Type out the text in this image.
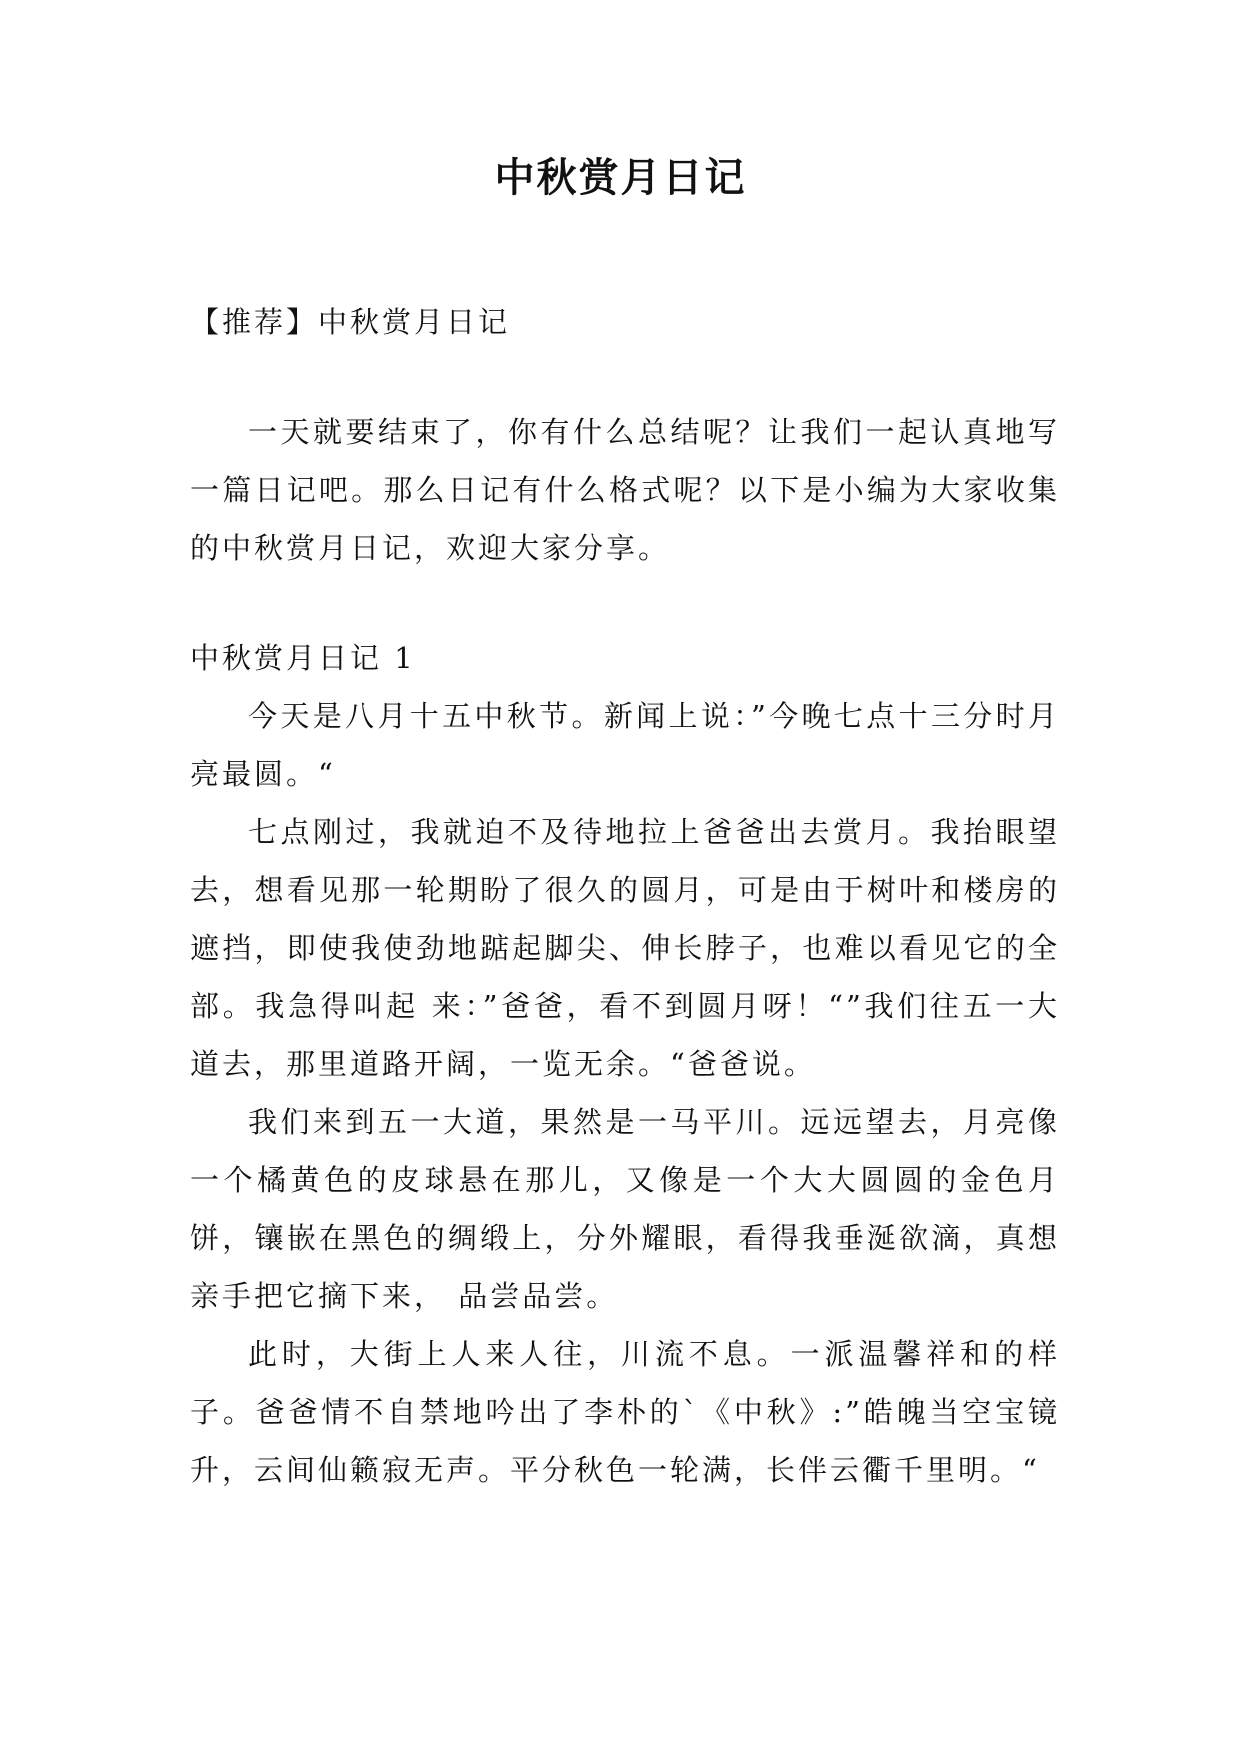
中秋赏月日记

【推荐】中秋赏月日记

一天就要结束了，你有什么总结呢？让我们一起认真地写一篇日记吧。那么日记有什么格式呢？以下是小编为大家收集的中秋赏月日记，欢迎大家分享。

中秋赏月日记 1

今天是八月十五中秋节。新闻上说：”今晚七点十三分时月亮最圆。“

七点刚过，我就迫不及待地拉上爸爸出去赏月。我抬眼望去，想看见那一轮期盼了很久的圆月，可是由于树叶和楼房的遮挡，即使我使劲地踮起脚尖、伸长脖子，也难以看见它的全部。我急得叫起 来：”爸爸，看不到圆月呀！“”我们往五一大道去，那里道路开阔，一览无余。“爸爸说。

我们来到五一大道，果然是一马平川。远远望去，月亮像一个橘黄色的皮球悬在那儿，又像是一个大大圆圆的金色月饼，镶嵌在黑色的绸缎上，分外耀眼，看得我垂涎欲滴，真想亲手把它摘下来， 品尝品尝。

此时，大街上人来人往，川流不息。一派温馨祥和的样子。爸爸情不自禁地吟出了李朴的`《中秋》:”皓魄当空宝镜升，云间仙籁寂无声。平分秋色一轮满，长伴云衢千里明。“
